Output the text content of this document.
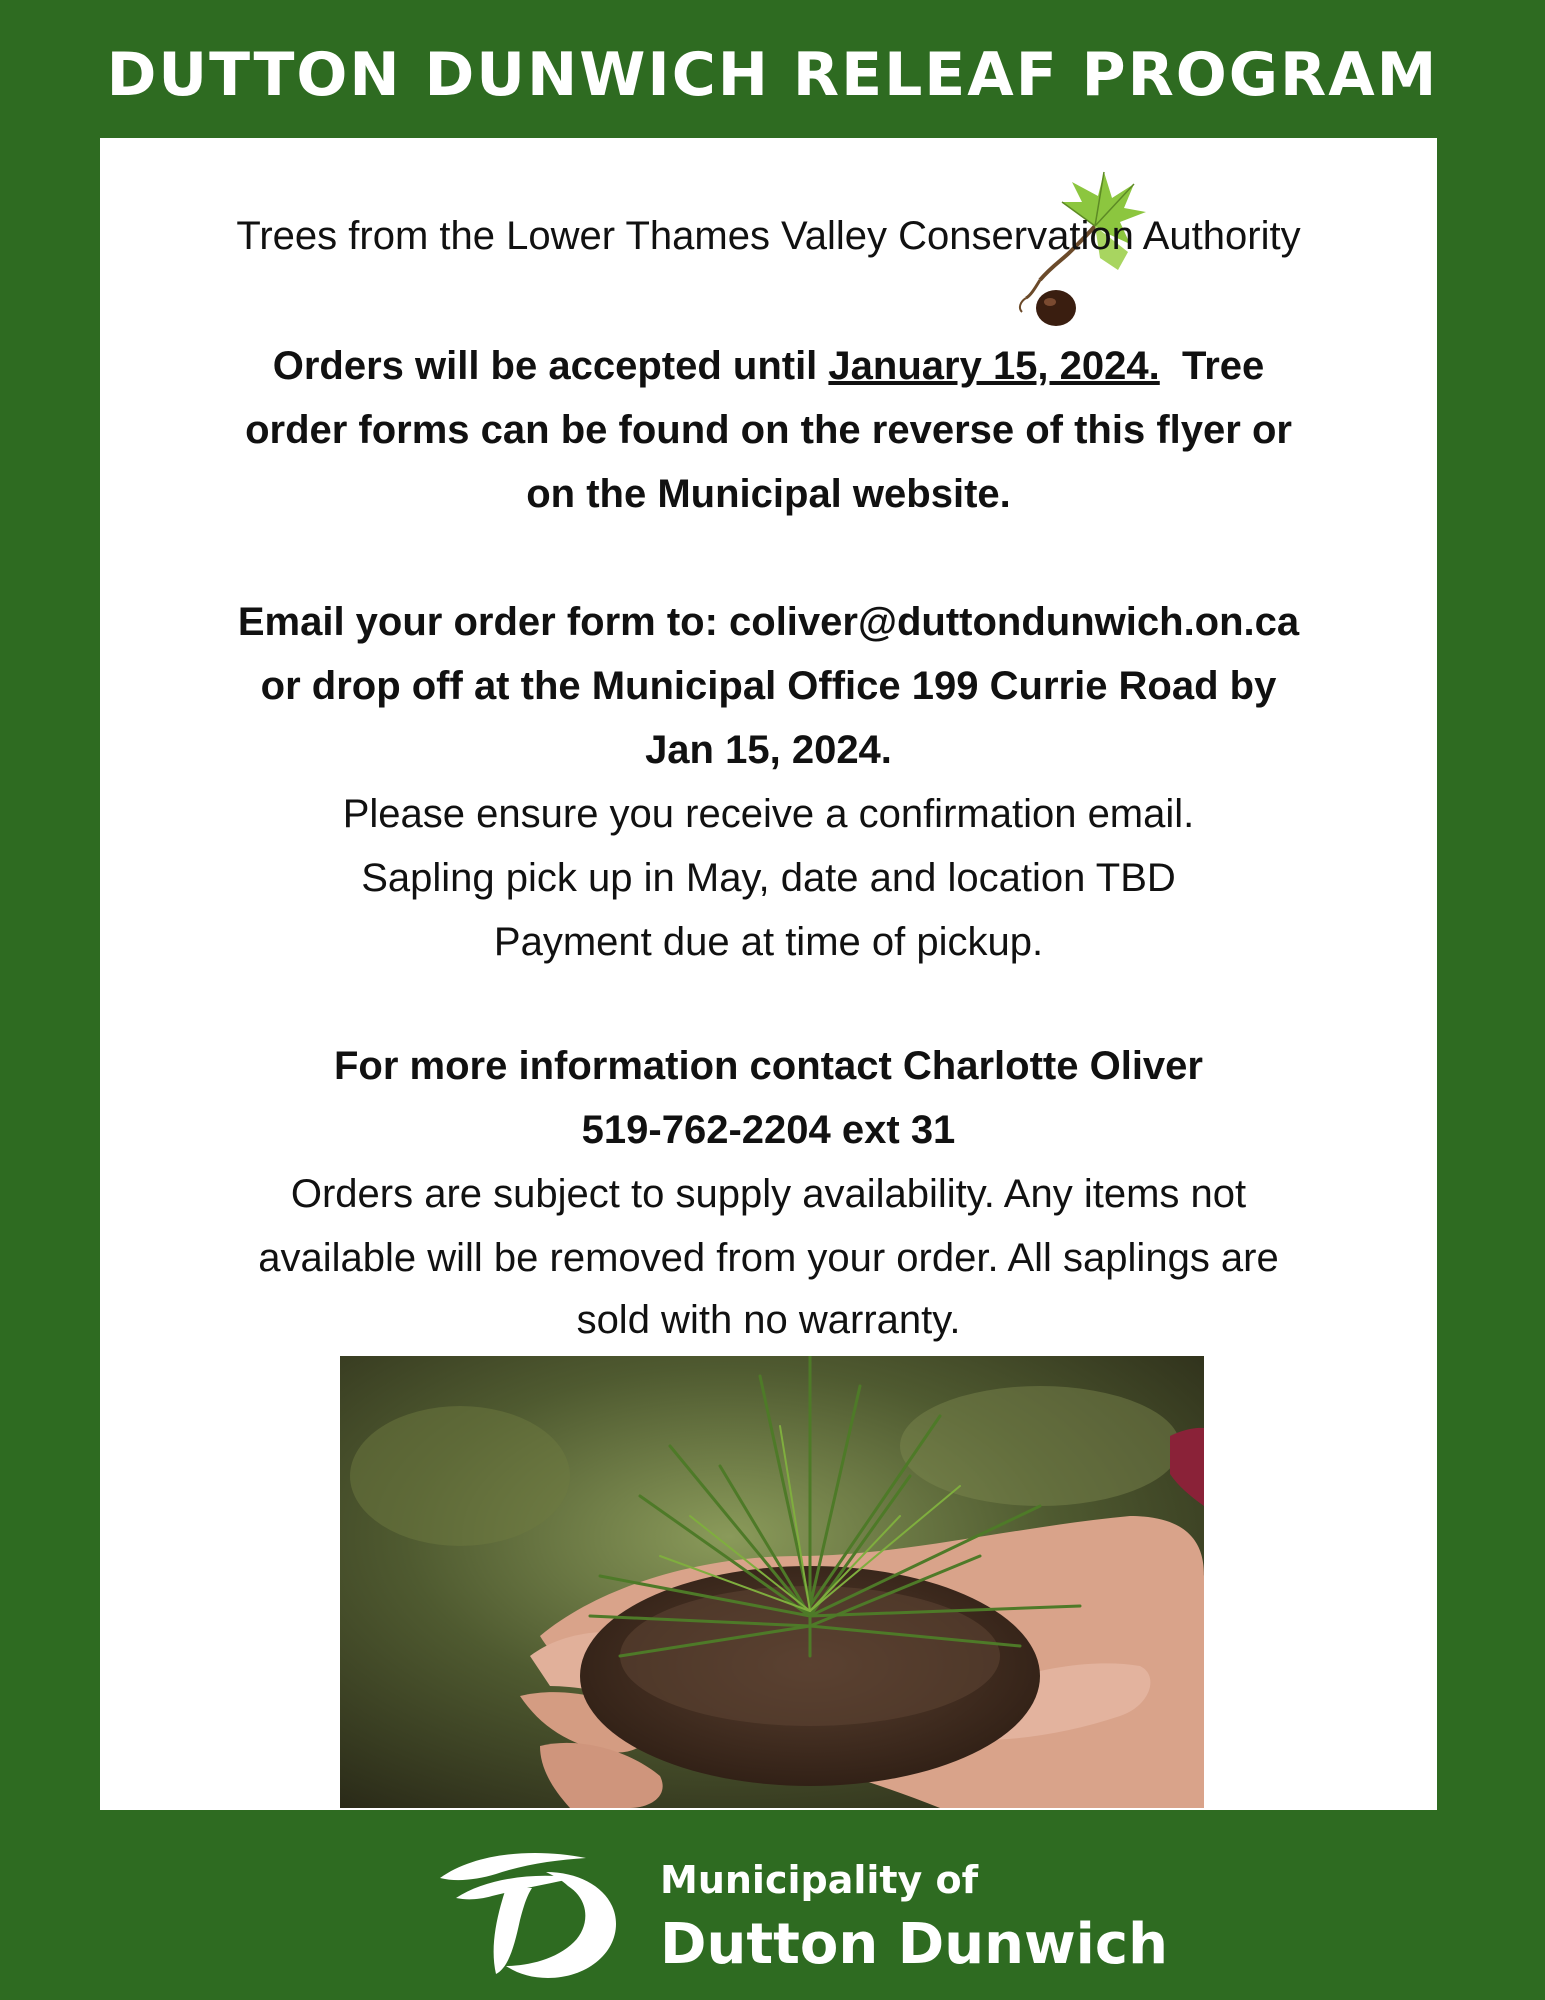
DUTTON DUNWICH RELEAF PROGRAM
Trees from the Lower Thames Valley Conservation Authority
Orders will be accepted until January 15, 2024.  Tree
order forms can be found on the reverse of this flyer or
on the Municipal website.
Email your order form to: coliver@duttondunwich.on.ca
or drop off at the Municipal Office 199 Currie Road by
Jan 15, 2024.
Please ensure you receive a confirmation email.
Sapling pick up in May, date and location TBD
Payment due at time of pickup.
For more information contact Charlotte Oliver
519-762-2204 ext 31
Orders are subject to supply availability. Any items not
available will be removed from your order. All saplings are
sold with no warranty.
Municipality of
Dutton Dunwich
